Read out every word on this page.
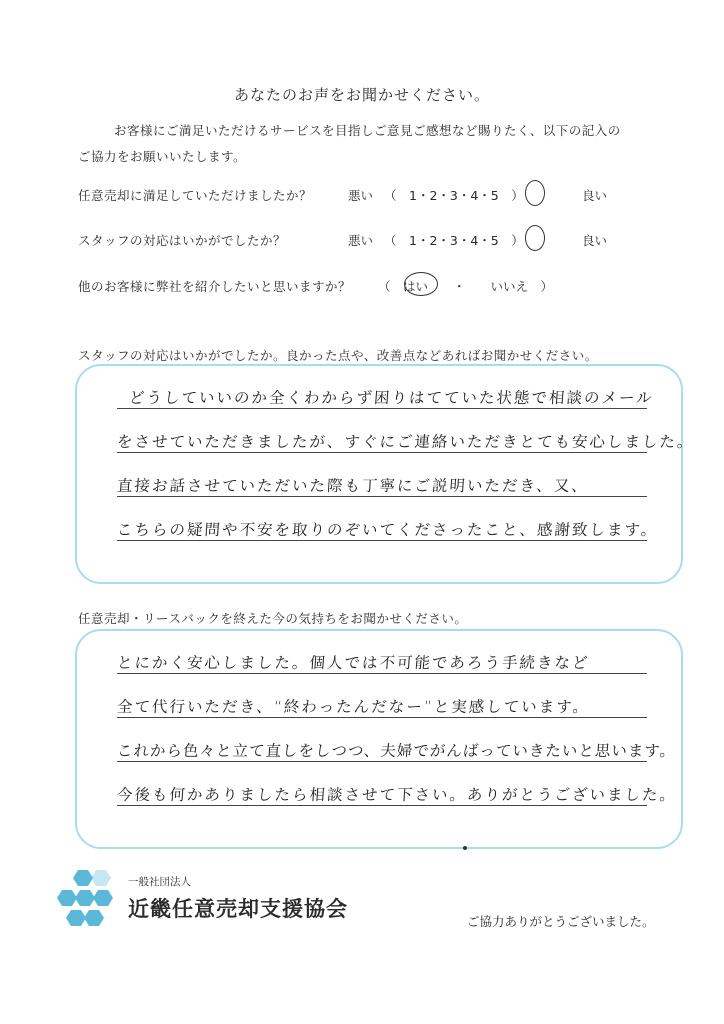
あなたのお声をお聞かせください。
お客様にご満足いただけるサービスを目指しご意見ご感想など賜りたく、以下の記入の
ご協力をお願いいたします。
任意売却に満足していただけましたか？	悪い （　1・2・3・4・5　）	良い
スタッフの対応はいかがでしたか？	悪い （　1・2・3・4・5　）	良い
他のお客様に弊社を紹介したいと思いますか？ （　はい　　・　　いいえ　）
スタッフの対応はいかがでしたか。良かった点や、改善点などあればお聞かせください。
どうしていいのか全くわからず困りはてていた状態で相談のメール
をさせていただきましたが、すぐにご連絡いただきとても安心しました。
直接お話させていただいた際も丁寧にご説明いただき、又、
こちらの疑問や不安を取りのぞいてくださったこと、感謝致します。
任意売却・リースバックを終えた今の気持ちをお聞かせください。
とにかく安心しました。個人では不可能であろう手続きなど
全て代行いただき、“終わったんだなー”と実感しています。
これから色々と立て直しをしつつ、夫婦でがんばっていきたいと思います。
今後も何かありましたら相談させて下さい。ありがとうございました。
一般社団法人
近畿任意売却支援協会
ご協力ありがとうございました。
